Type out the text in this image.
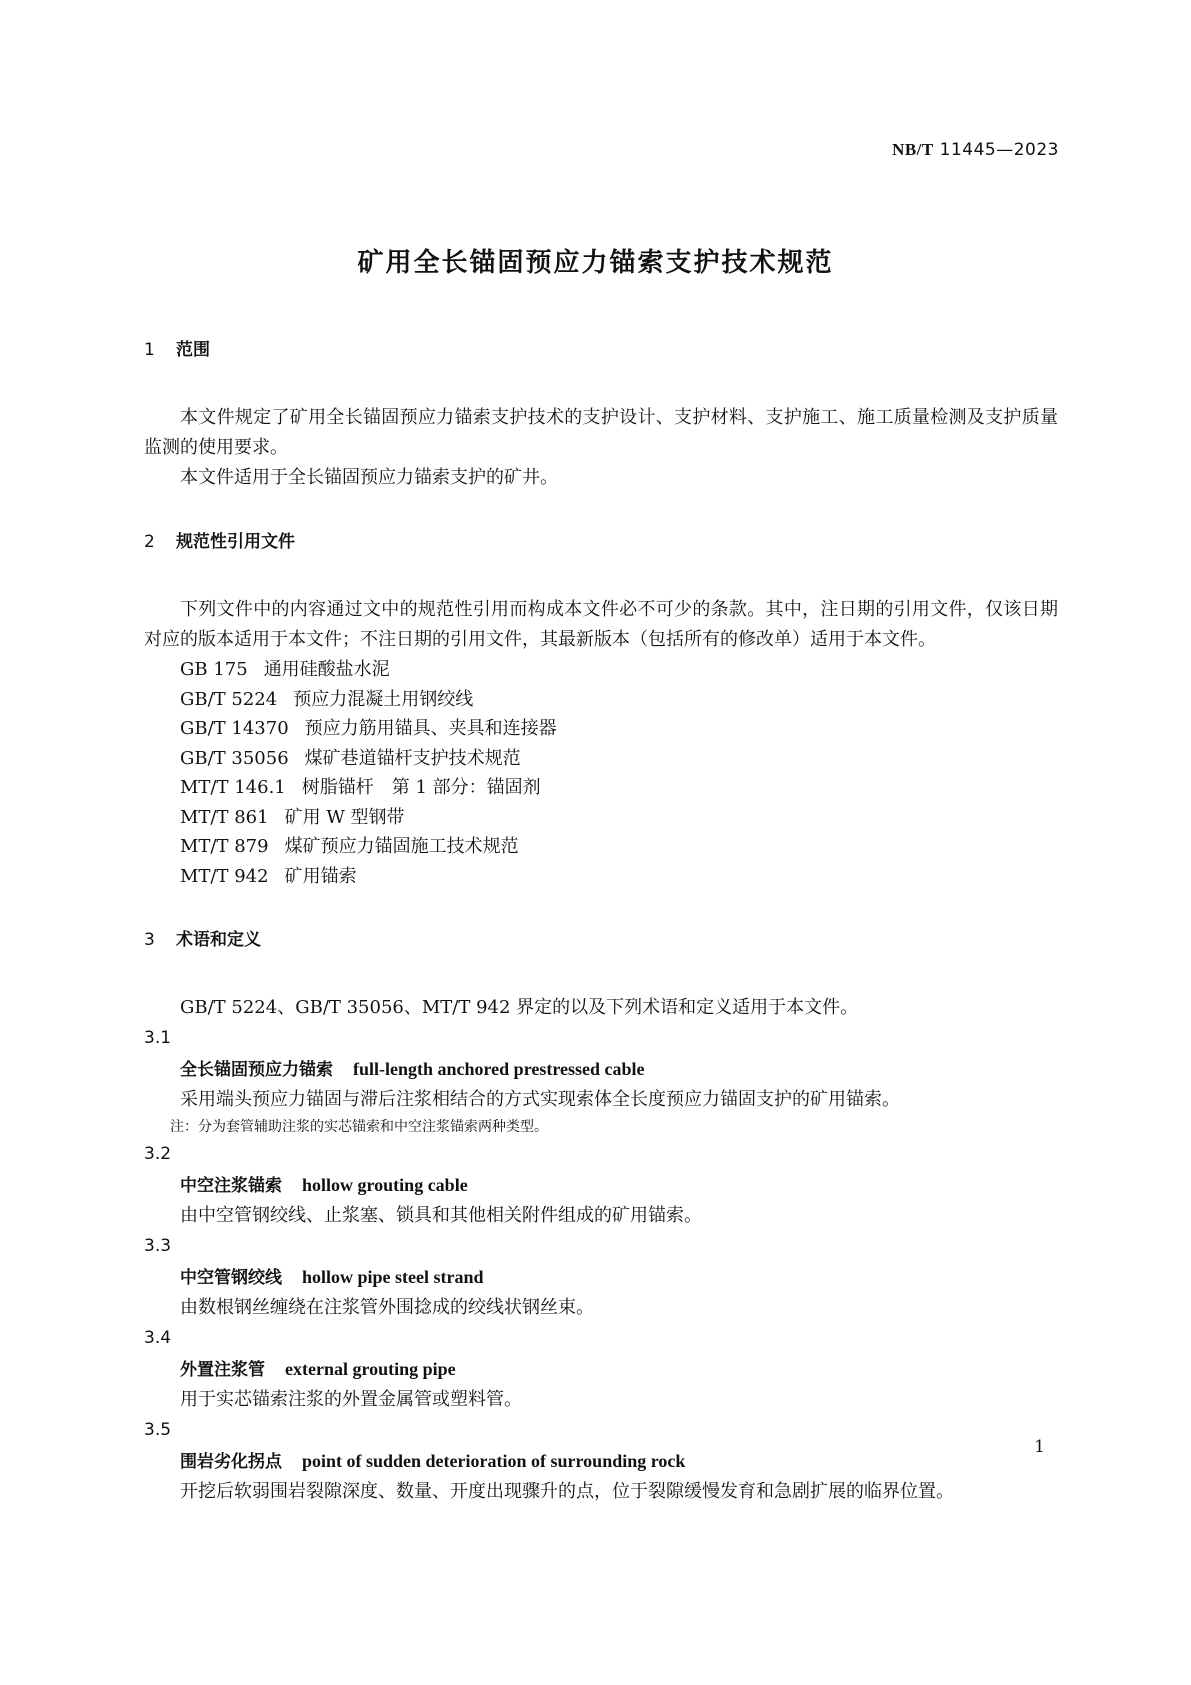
NB/T 11445—2023
矿用全长锚固预应力锚索支护技术规范
1 范围

本文件规定了矿用全长锚固预应力锚索支护技术的支护设计、支护材料、支护施工、施工质量检测及支护质量监测的使用要求。

本文件适用于全长锚固预应力锚索支护的矿井。

2 规范性引用文件

下列文件中的内容通过文中的规范性引用而构成本文件必不可少的条款。其中，注日期的引用文件，仅该日期对应的版本适用于本文件；不注日期的引用文件，其最新版本（包括所有的修改单）适用于本文件。

GB 175 通用硅酸盐水泥

GB/T 5224 预应力混凝土用钢绞线

GB/T 14370 预应力筋用锚具、夹具和连接器

GB/T 35056 煤矿巷道锚杆支护技术规范

MT/T 146.1 树脂锚杆　第 1 部分：锚固剂

MT/T 861 矿用 W 型钢带

MT/T 879 煤矿预应力锚固施工技术规范

MT/T 942 矿用锚索

3 术语和定义

GB/T 5224、GB/T 35056、MT/T 942 界定的以及下列术语和定义适用于本文件。

3.1

全长锚固预应力锚索 full-length anchored prestressed cable

采用端头预应力锚固与滞后注浆相结合的方式实现索体全长度预应力锚固支护的矿用锚索。

注：分为套管辅助注浆的实芯锚索和中空注浆锚索两种类型。

3.2

中空注浆锚索 hollow grouting cable

由中空管钢绞线、止浆塞、锁具和其他相关附件组成的矿用锚索。

3.3

中空管钢绞线 hollow pipe steel strand

由数根钢丝缠绕在注浆管外围捻成的绞线状钢丝束。

3.4

外置注浆管 external grouting pipe

用于实芯锚索注浆的外置金属管或塑料管。

3.5

围岩劣化拐点 point of sudden deterioration of surrounding rock

开挖后软弱围岩裂隙深度、数量、开度出现骤升的点，位于裂隙缓慢发育和急剧扩展的临界位置。

1
